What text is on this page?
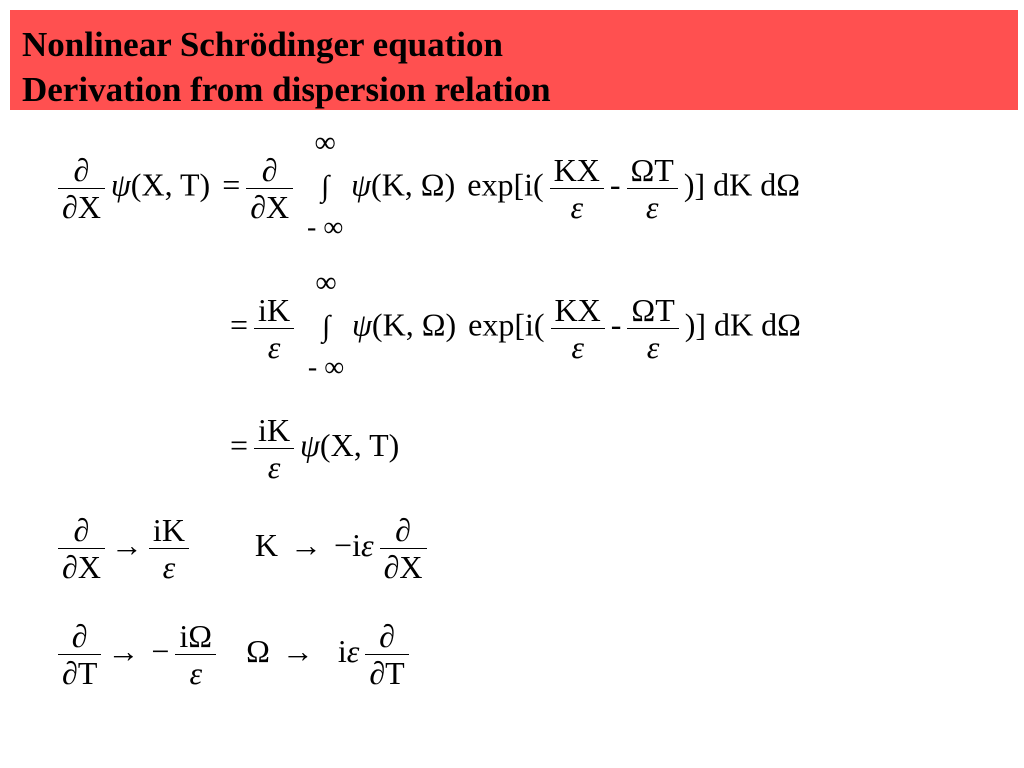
Nonlinear Schrödinger equation
Derivation from dispersion relation
$\frac{\partial}{\partial X} \psi(X$, $T) = \frac{\partial}{\partial X}$
∞
∫
- ∞
ψ(K, Ω) $\exp[i( \frac{KX}{\varepsilon} - \frac{\Omega T}{\varepsilon}$ )] dK dΩ
= $\frac{iK}{\varepsilon}$
∞
∫
- ∞
ψ(K, Ω) $\exp[i( \frac{KX}{\varepsilon} - \frac{\Omega T}{\varepsilon}$ )] dK dΩ
= $\frac{iK}{\varepsilon} \psi(X$, T)
$\frac{\partial}{\partial X} \to \frac{iK}{\varepsilon}$ $K \to -i\varepsilon \frac{\partial}{\partial X}$
$\frac{\partial}{\partial T}$ → − $\frac{i\Omega}{\varepsilon}$ Ω → iε $\frac{\partial}{\partial T}$
